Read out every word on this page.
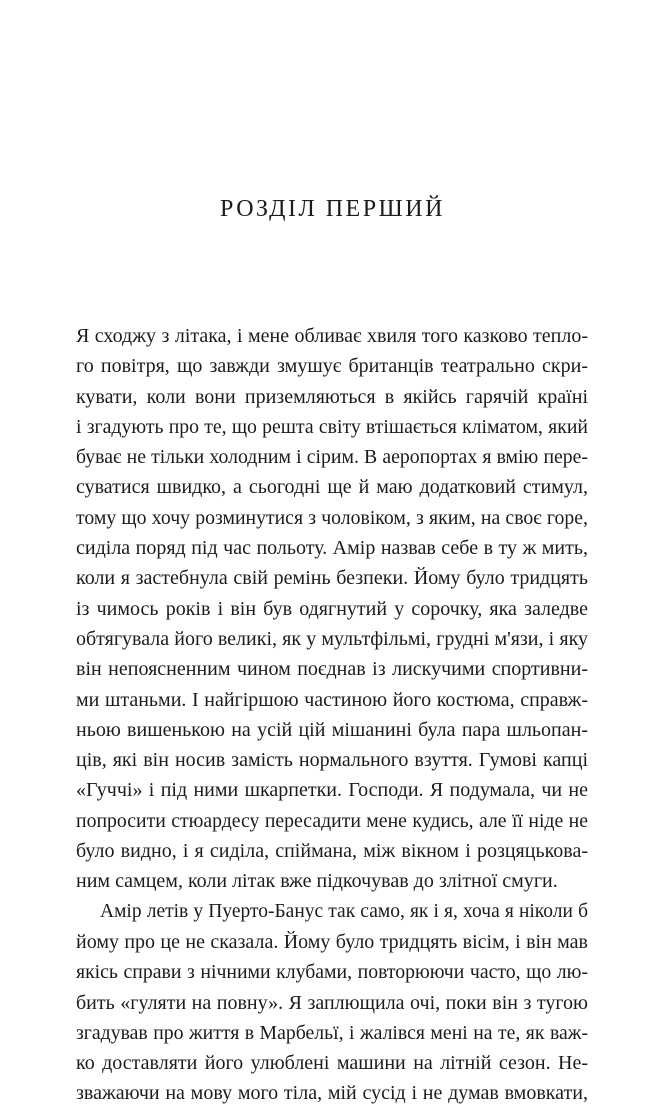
РОЗДІЛ ПЕРШИЙ
Я сходжу з літака, і мене обливає хвиля того казково тепло-
го повітря, що завжди змушує британців театрально скри-
кувати, коли вони приземляються в якійсь гарячій країні
і згадують про те, що решта світу втішається кліматом, який
буває не тільки холодним і сірим. В аеропортах я вмію пере-
суватися швидко, а сьогодні ще й маю додатковий стимул,
тому що хочу розминутися з чоловіком, з яким, на своє горе,
сиділа поряд під час польоту. Амір назвав себе в ту ж мить,
коли я застебнула свій ремінь безпеки. Йому було тридцять
із чимось років і він був одягнутий у сорочку, яка заледве
обтягувала його великі, як у мультфільмі, грудні м'язи, і яку
він непоясненним чином поєднав із лискучими спортивни-
ми штаньми. І найгіршою частиною його костюма, справж-
ньою вишенькою на усій цій мішанині була пара шльопан-
ців, які він носив замість нормального взуття. Гумові капці
«Гуччі» і під ними шкарпетки. Господи. Я подумала, чи не
попросити стюардесу пересадити мене кудись, але її ніде не
було видно, і я сиділа, спіймана, між вікном і розцяцькова-
ним самцем, коли літак вже підкочував до злітної смуги.
Амір летів у Пуерто-Банус так само, як і я, хоча я ніколи б
йому про це не сказала. Йому було тридцять вісім, і він мав
якісь справи з нічними клубами, повторюючи часто, що лю-
бить «гуляти на повну». Я заплющила очі, поки він з тугою
згадував про життя в Марбельї, і жалівся мені на те, як важ-
ко доставляти його улюблені машини на літній сезон. Не-
зважаючи на мову мого тіла, мій сусід і не думав вмовкати,
